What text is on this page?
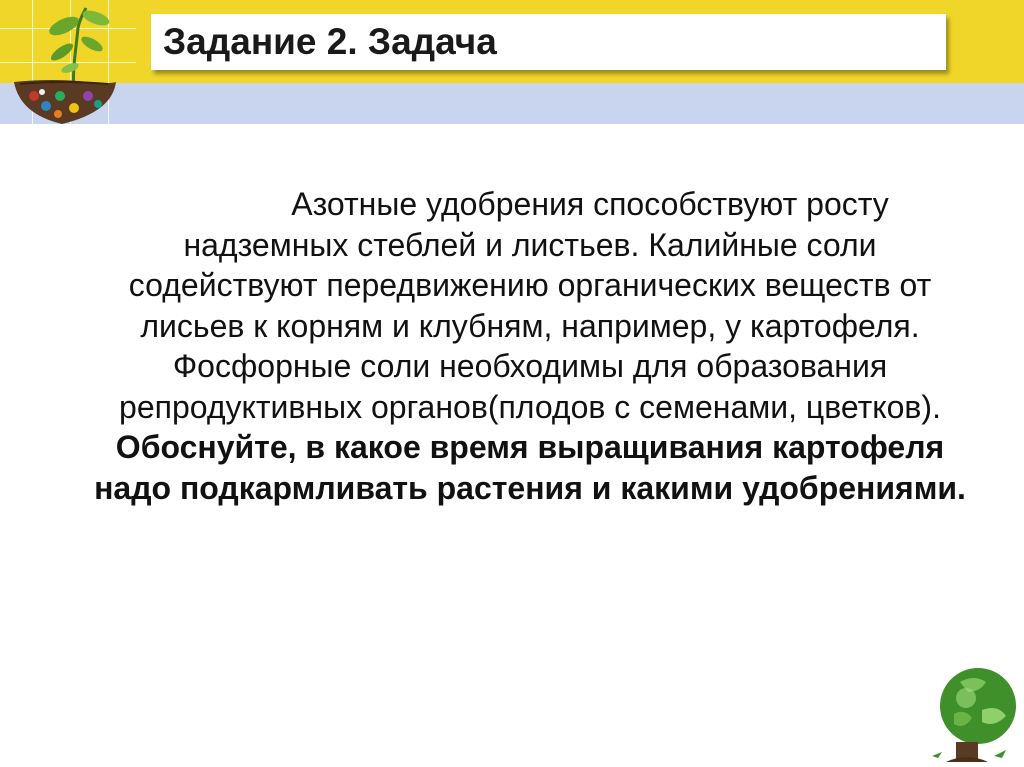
Задание 2. Задача
Азотные удобрения способствуют росту надземных стеблей и листьев. Калийные соли содействуют передвижению органических веществ от лисьев к корням и клубням, например, у картофеля. Фосфорные соли необходимы для образования репродуктивных органов(плодов с семенами, цветков).
Обоснуйте, в какое время выращивания картофеля надо подкармливать растения и какими удобрениями.
